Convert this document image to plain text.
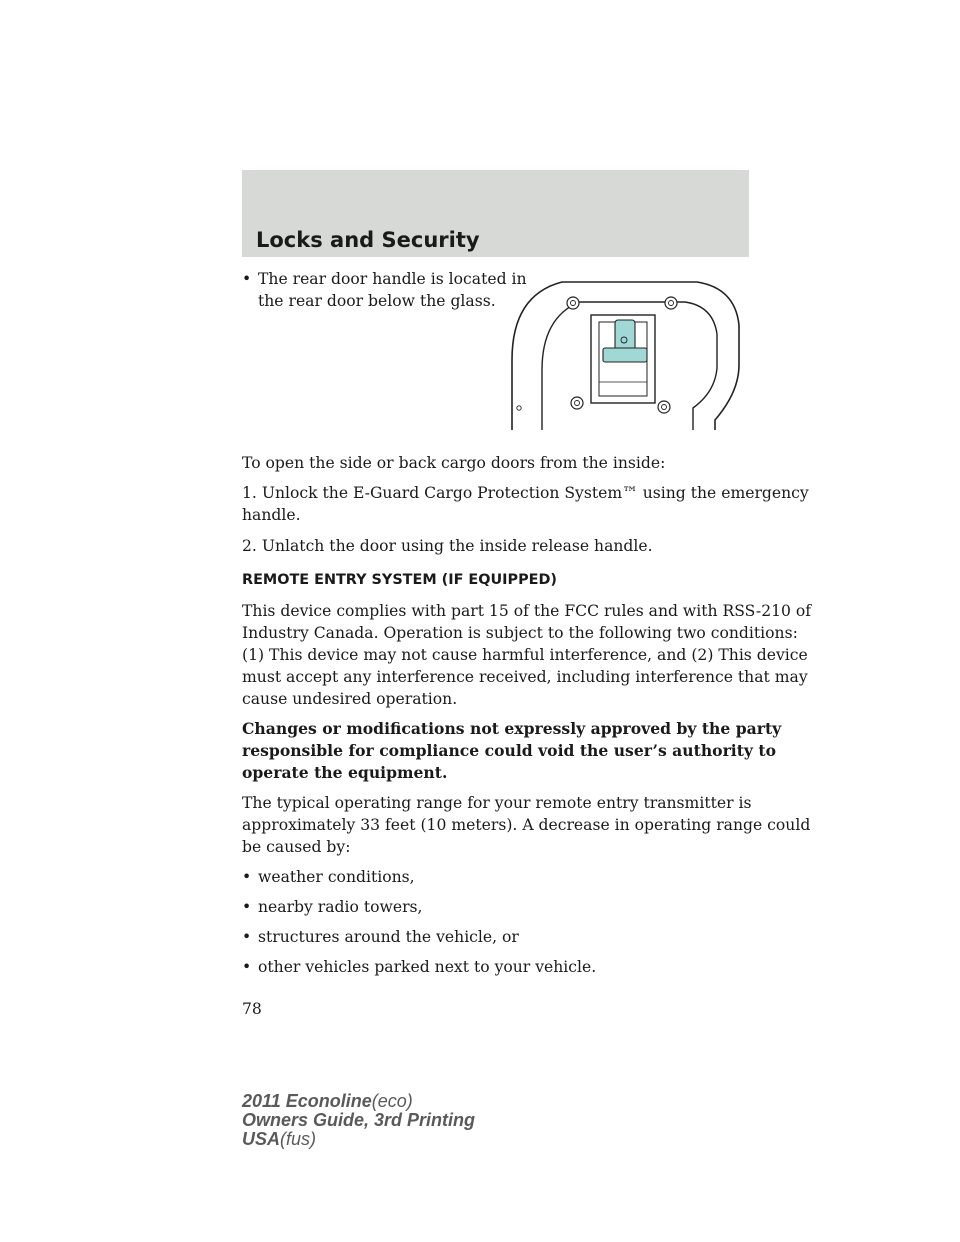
Locks and Security
• The rear door handle is located in
the rear door below the glass.
To open the side or back cargo doors from the inside:
1. Unlock the E-Guard Cargo Protection System™ using the emergency
handle.
2. Unlatch the door using the inside release handle.
REMOTE ENTRY SYSTEM (IF EQUIPPED)
This device complies with part 15 of the FCC rules and with RSS-210 of
Industry Canada. Operation is subject to the following two conditions:
(1) This device may not cause harmful interference, and (2) This device
must accept any interference received, including interference that may
cause undesired operation.
Changes or modifications not expressly approved by the party
responsible for compliance could void the user’s authority to
operate the equipment.
The typical operating range for your remote entry transmitter is
approximately 33 feet (10 meters). A decrease in operating range could
be caused by:
• weather conditions,
• nearby radio towers,
• structures around the vehicle, or
• other vehicles parked next to your vehicle.
78
2011 Econoline(eco)
Owners Guide, 3rd Printing
USA(fus)
